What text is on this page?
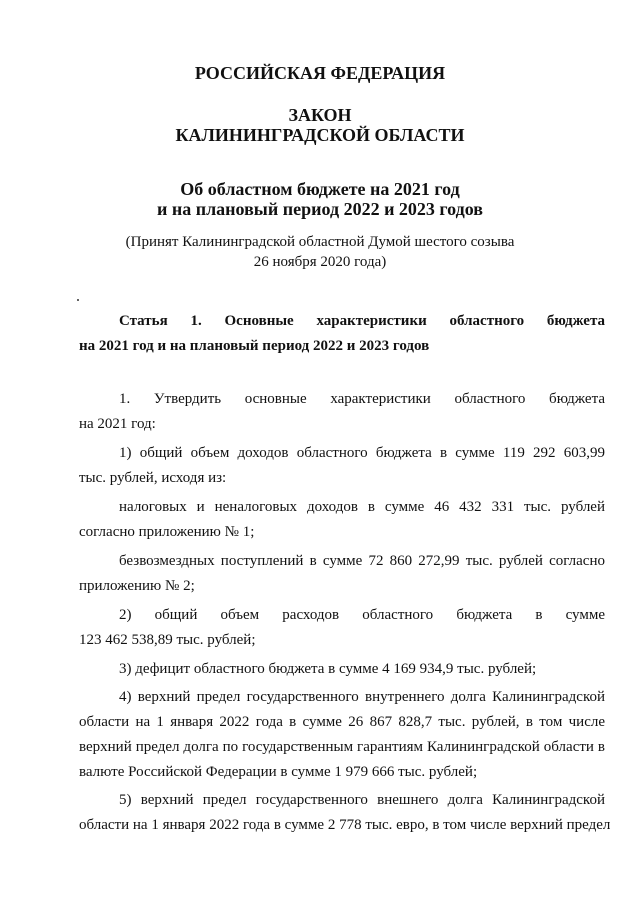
РОССИЙСКАЯ ФЕДЕРАЦИЯ
ЗАКОН
КАЛИНИНГРАДСКОЙ ОБЛАСТИ
Об областном бюджете на 2021 год
и на плановый период 2022 и 2023 годов
(Принят Калининградской областной Думой шестого созыва
26 ноября 2020 года)
Статья 1. Основные характеристики областного бюджета
на 2021 год и на плановый период 2022 и 2023 годов
1. Утвердить основные характеристики областного бюджета
на 2021 год:
1) общий объем доходов областного бюджета в сумме 119 292 603,99
тыс. рублей, исходя из:
налоговых и неналоговых доходов в сумме 46 432 331 тыс. рублей
согласно приложению № 1;
безвозмездных поступлений в сумме 72 860 272,99 тыс. рублей согласно
приложению № 2;
2) общий объем расходов областного бюджета в сумме
123 462 538,89 тыс. рублей;
3) дефицит областного бюджета в сумме 4 169 934,9 тыс. рублей;
4) верхний предел государственного внутреннего долга Калининградской
области на 1 января 2022 года в сумме 26 867 828,7 тыс. рублей, в том числе
верхний предел долга по государственным гарантиям Калининградской области в
валюте Российской Федерации в сумме 1 979 666 тыс. рублей;
5) верхний предел государственного внешнего долга Калининградской
области на 1 января 2022 года в сумме 2 778 тыс. евро, в том числе верхний предел
